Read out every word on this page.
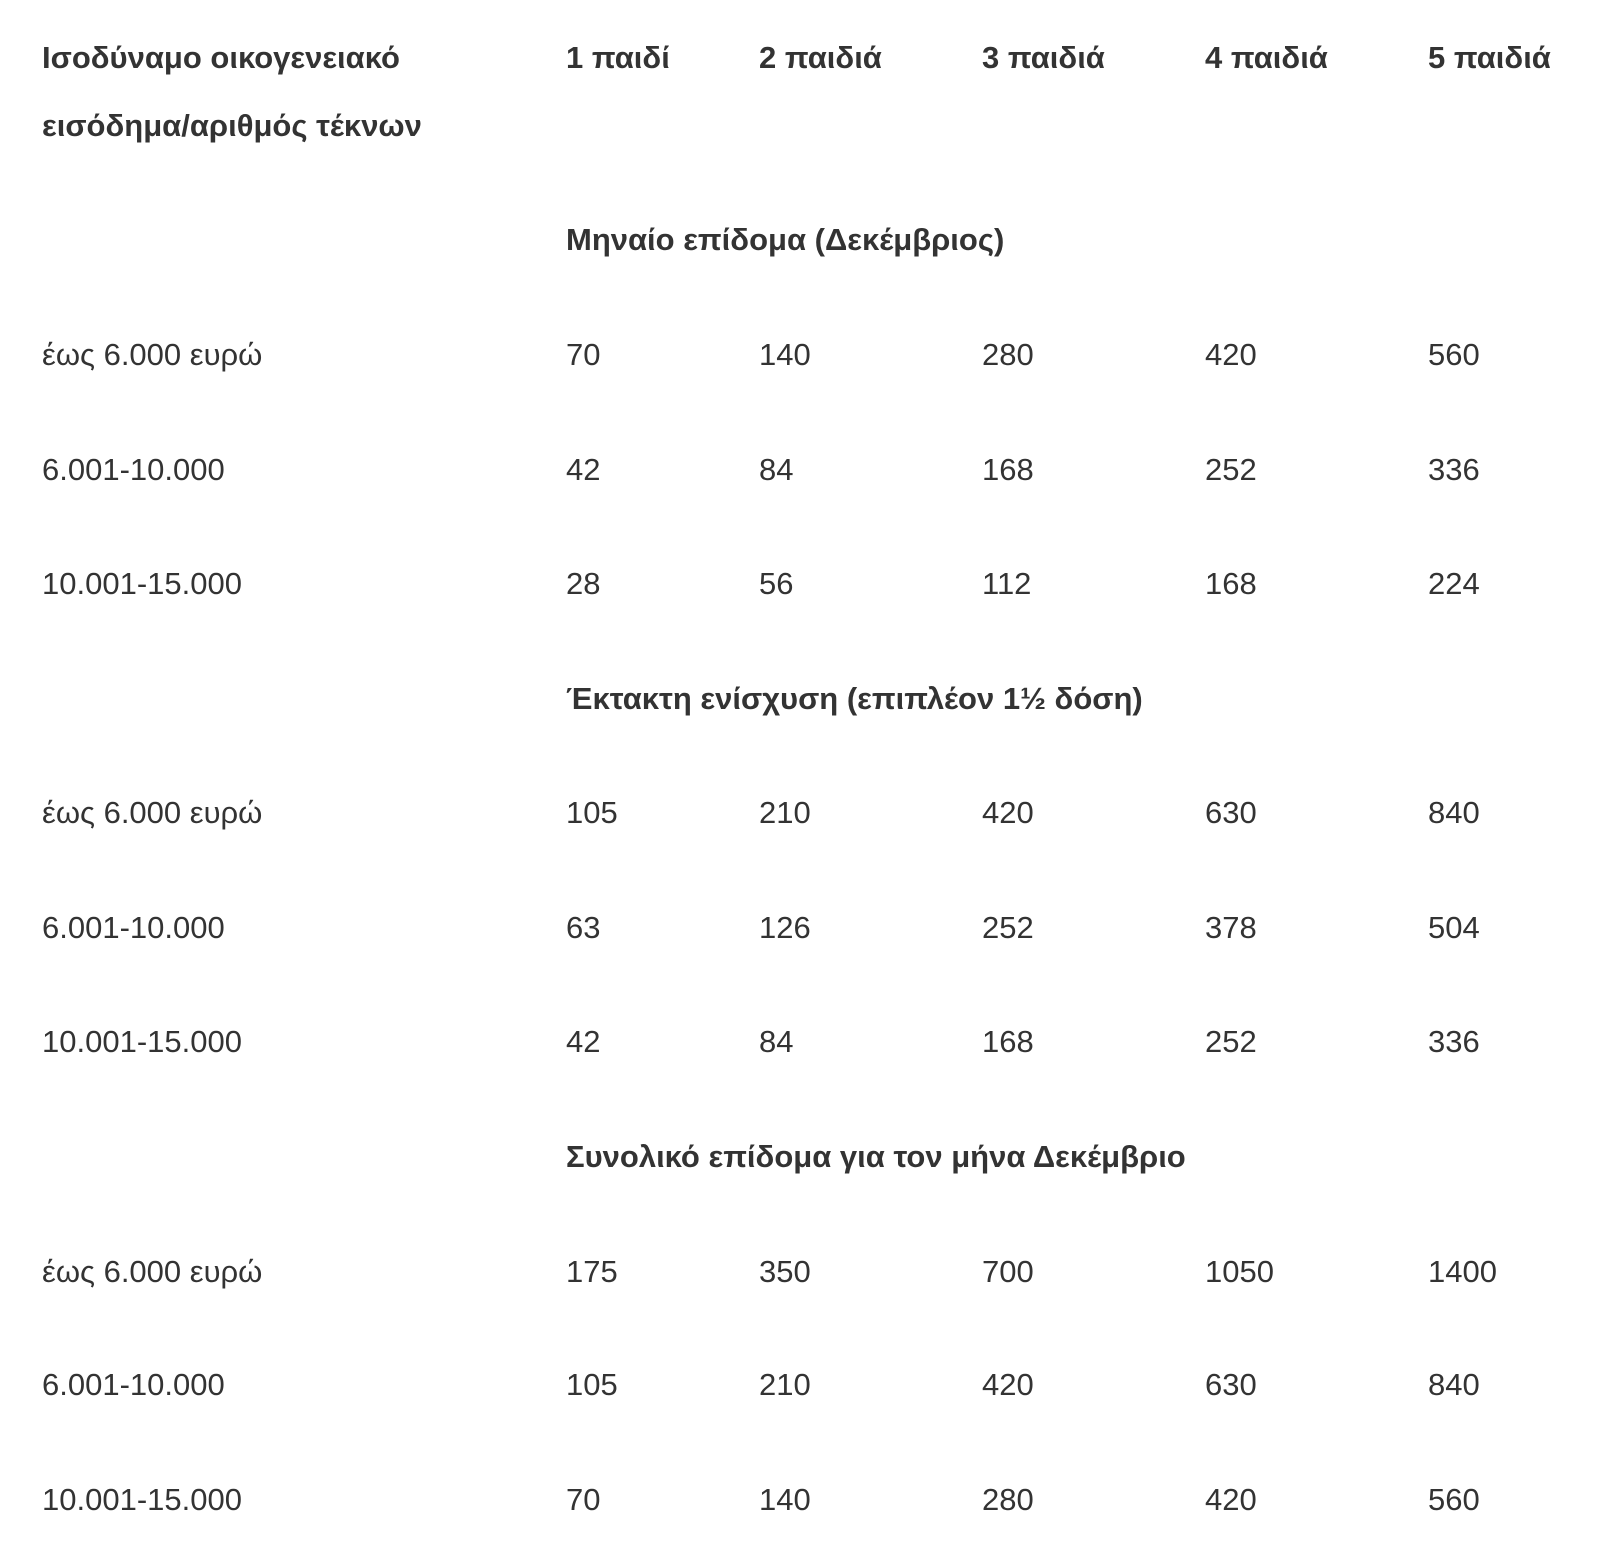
Ισοδύναμο οικογενειακό	1 παιδί	2 παιδιά	3 παιδιά	4 παιδιά	5 παιδιά
εισόδημα/αριθμός τέκνων
Μηναίο επίδομα (Δεκέμβριος)
έως 6.000 ευρώ	70	140	280	420	560
6.001-10.000	42	84	168	252	336
10.001-15.000	28	56	112	168	224
Έκτακτη ενίσχυση (επιπλέον 1½ δόση)
έως 6.000 ευρώ	105	210	420	630	840
6.001-10.000	63	126	252	378	504
10.001-15.000	42	84	168	252	336
Συνολικό επίδομα για τον μήνα Δεκέμβριο
έως 6.000 ευρώ	175	350	700	1050	1400
6.001-10.000	105	210	420	630	840
10.001-15.000	70	140	280	420	560
